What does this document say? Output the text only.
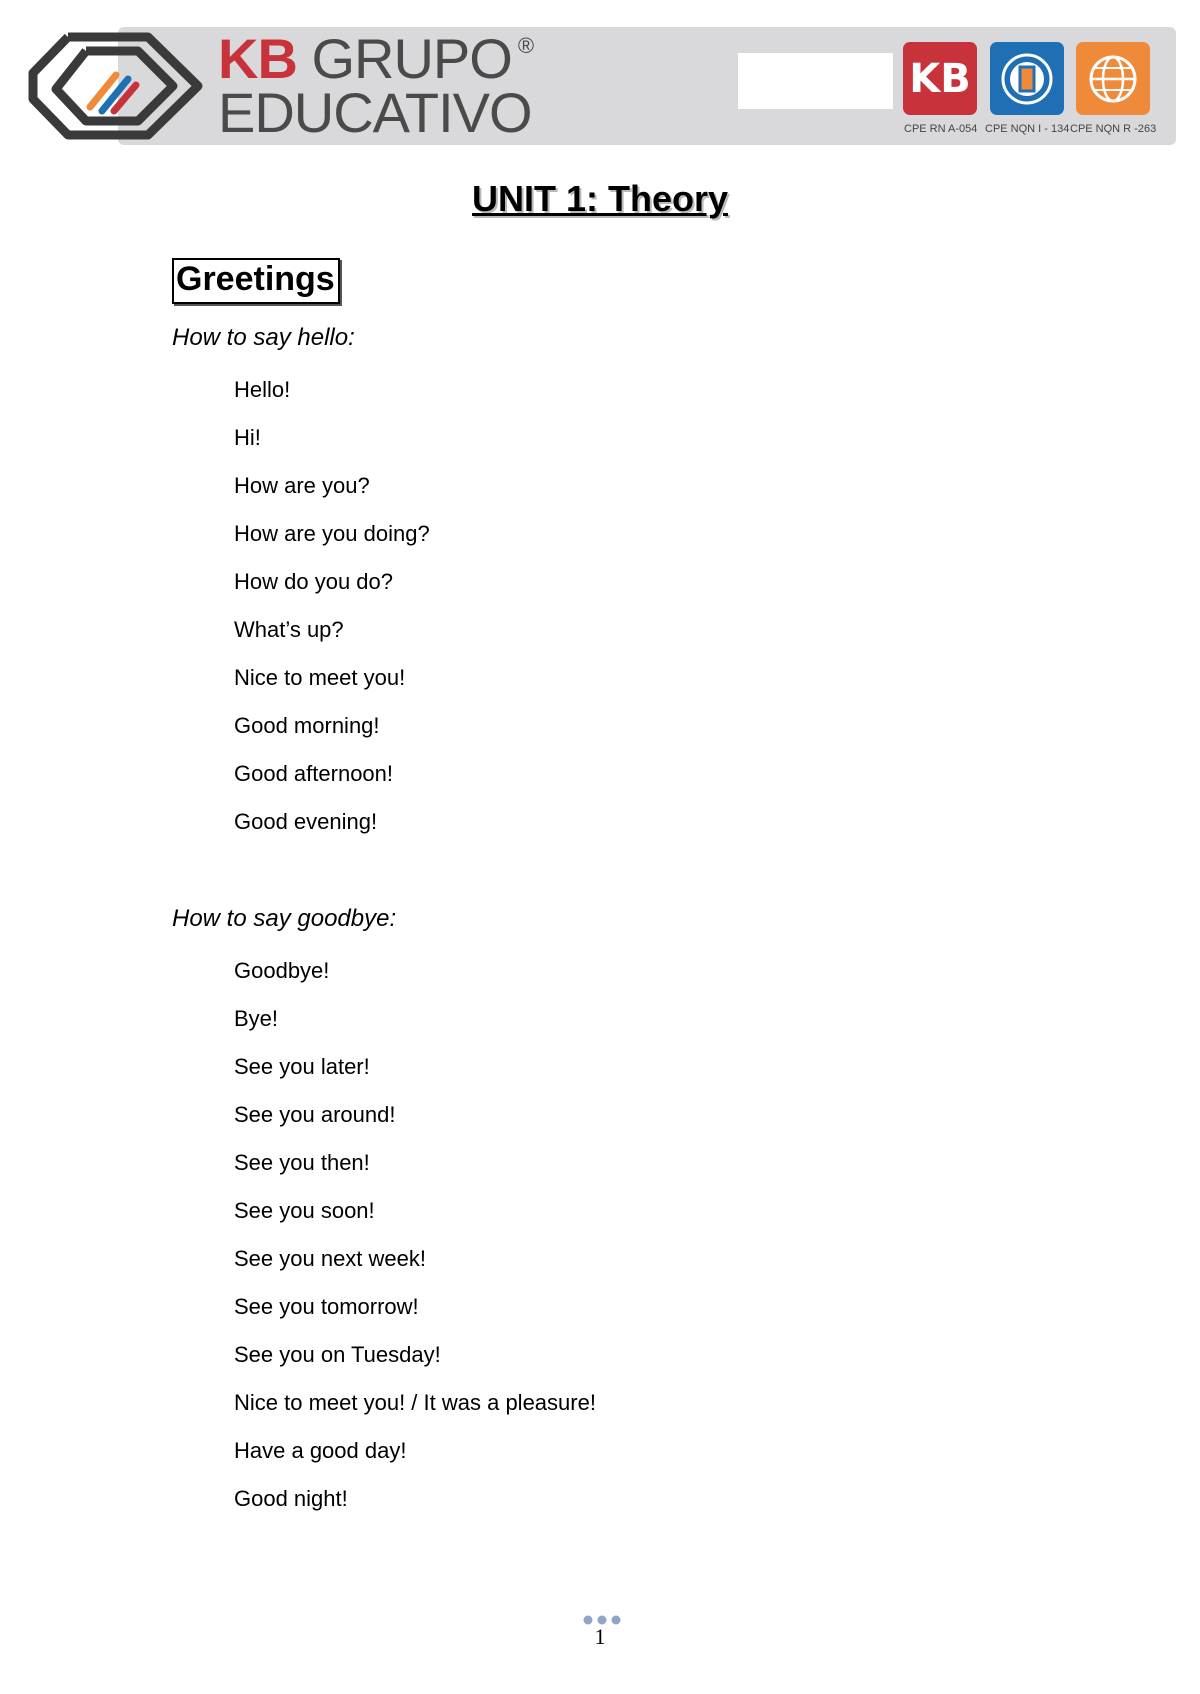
KB GRUPO ®
EDUCATIVO
KB
CPE RN A-054 CPE NQN I - 134 CPE NQN R -263
UNIT 1: Theory
Greetings
How to say hello:
Hello!
Hi!
How are you?
How are you doing?
How do you do?
What’s up?
Nice to meet you!
Good morning!
Good afternoon!
Good evening!
How to say goodbye:
Goodbye!
Bye!
See you later!
See you around!
See you then!
See you soon!
See you next week!
See you tomorrow!
See you on Tuesday!
Nice to meet you! / It was a pleasure!
Have a good day!
Good night!
1
